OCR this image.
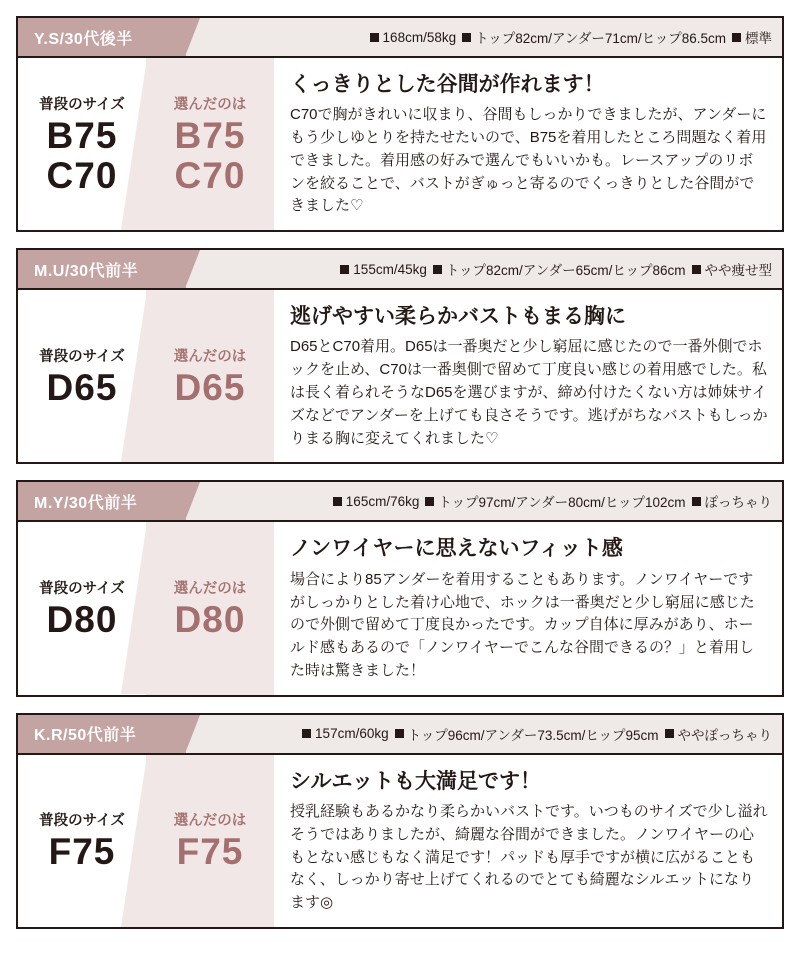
Y.S/30代後半	168cm/58kg トップ82cm/アンダー71cm/ヒップ86.5cm 標準
普段のサイズ
B75
C70
選んだのは
B75
C70
くっきりとした谷間が作れます！

C70で胸がきれいに収まり、谷間もしっかりできましたが、アンダーにもう少しゆとりを持たせたいので、B75を着用したところ問題なく着用できました。着用感の好みで選んでもいいかも。レースアップのリボンを絞ることで、バストがぎゅっと寄るのでくっきりとした谷間ができました♡

M.U/30代前半	155cm/45kg トップ82cm/アンダー65cm/ヒップ86cm やや痩せ型
普段のサイズ
D65
選んだのは
D65
逃げやすい柔らかバストもまる胸に

D65とC70着用。D65は一番奥だと少し窮屈に感じたので一番外側でホックを止め、C70は一番奥側で留めて丁度良い感じの着用感でした。私は長く着られそうなD65を選びますが、締め付けたくない方は姉妹サイズなどでアンダーを上げても良さそうです。逃げがちなバストもしっかりまる胸に変えてくれました♡

M.Y/30代前半	165cm/76kg トップ97cm/アンダー80cm/ヒップ102cm ぽっちゃり
普段のサイズ
D80
選んだのは
D80
ノンワイヤーに思えないフィット感

場合により85アンダーを着用することもあります。ノンワイヤーですがしっかりとした着け心地で、ホックは一番奥だと少し窮屈に感じたので外側で留めて丁度良かったです。カップ自体に厚みがあり、ホールド感もあるので「ノンワイヤーでこんな谷間できるの？」と着用した時は驚きました！

K.R/50代前半	157cm/60kg トップ96cm/アンダー73.5cm/ヒップ95cm ややぽっちゃり
普段のサイズ
F75
選んだのは
F75
シルエットも大満足です！

授乳経験もあるかなり柔らかいバストです。いつものサイズで少し溢れそうではありましたが、綺麗な谷間ができました。ノンワイヤーの心もとない感じもなく満足です！パッドも厚手ですが横に広がることもなく、しっかり寄せ上げてくれるのでとても綺麗なシルエットになります◎
